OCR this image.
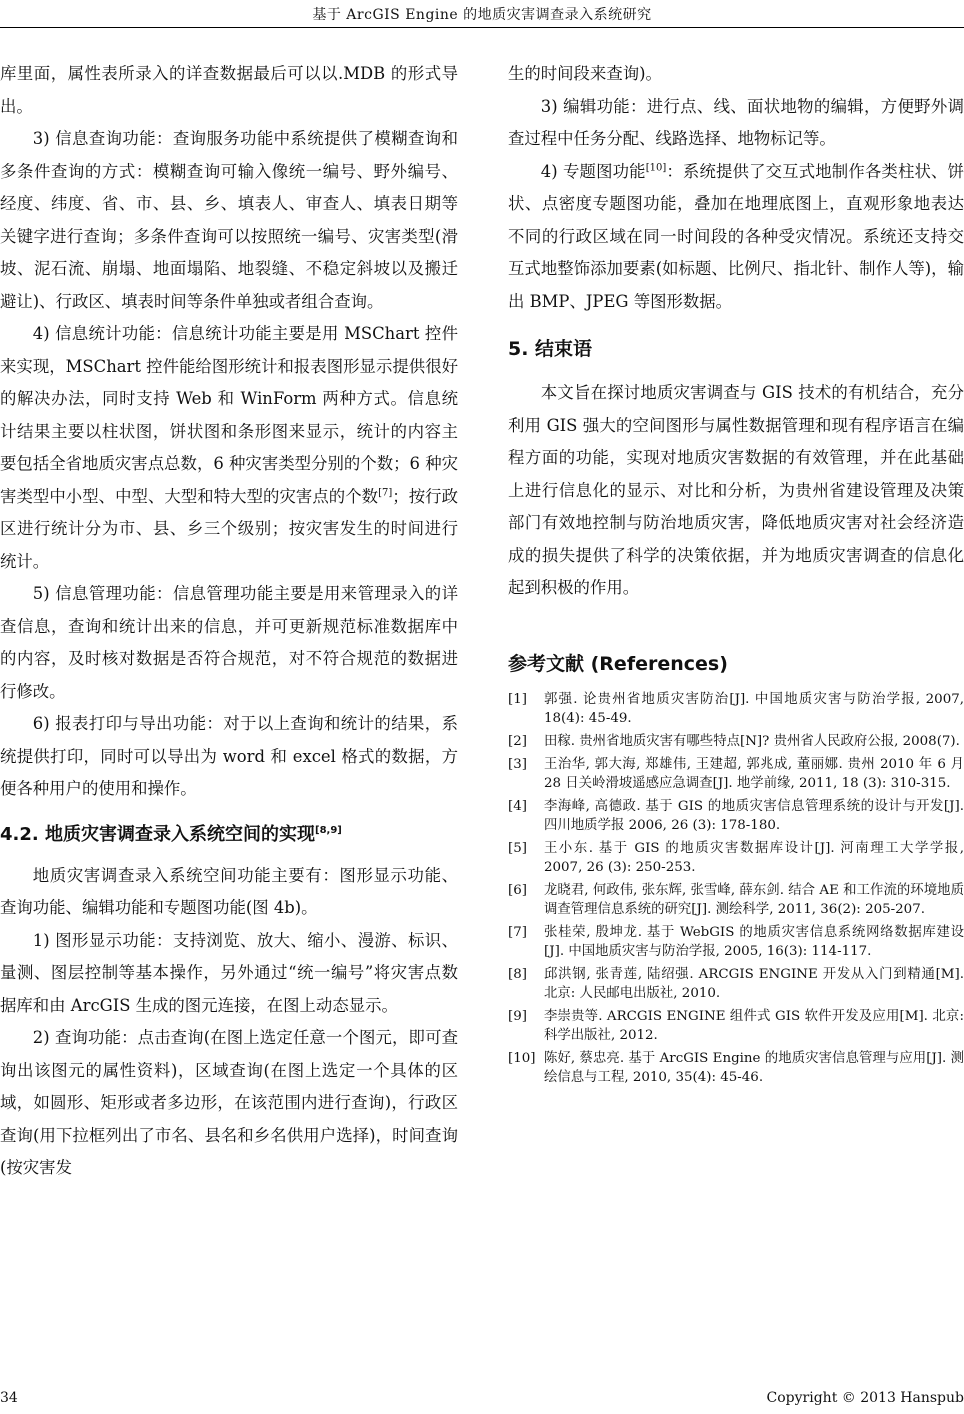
基于 ArcGIS Engine 的地质灾害调查录入系统研究

库里面，属性表所录入的详查数据最后可以以.MDB 的形式导出。

3) 信息查询功能：查询服务功能中系统提供了模糊查询和多条件查询的方式：模糊查询可输入像统一编号、野外编号、经度、纬度、省、市、县、乡、填表人、审查人、填表日期等关键字进行查询；多条件查询可以按照统一编号、灾害类型(滑坡、泥石流、崩塌、地面塌陷、地裂缝、不稳定斜坡以及搬迁避让)、行政区、填表时间等条件单独或者组合查询。

4) 信息统计功能：信息统计功能主要是用 MSChart 控件来实现，MSChart 控件能给图形统计和报表图形显示提供很好的解决办法，同时支持 Web 和 WinForm 两种方式。信息统计结果主要以柱状图，饼状图和条形图来显示，统计的内容主要包括全省地质灾害点总数，6 种灾害类型分别的个数；6 种灾害类型中小型、中型、大型和特大型的灾害点的个数[7]；按行政区进行统计分为市、县、乡三个级别；按灾害发生的时间进行统计。

5) 信息管理功能：信息管理功能主要是用来管理录入的详查信息，查询和统计出来的信息，并可更新规范标准数据库中的内容，及时核对数据是否符合规范，对不符合规范的数据进行修改。

6) 报表打印与导出功能：对于以上查询和统计的结果，系统提供打印，同时可以导出为 word 和 excel 格式的数据，方便各种用户的使用和操作。

4.2. 地质灾害调查录入系统空间的实现[8,9]

地质灾害调查录入系统空间功能主要有：图形显示功能、查询功能、编辑功能和专题图功能(图 4b)。

1) 图形显示功能：支持浏览、放大、缩小、漫游、标识、量测、图层控制等基本操作，另外通过“统一编号”将灾害点数据库和由 ArcGIS 生成的图元连接，在图上动态显示。

2) 查询功能：点击查询(在图上选定任意一个图元，即可查询出该图元的属性资料)，区域查询(在图上选定一个具体的区域，如圆形、矩形或者多边形，在该范围内进行查询)，行政区查询(用下拉框列出了市名、县名和乡名供用户选择)，时间查询(按灾害发

生的时间段来查询)。

3) 编辑功能：进行点、线、面状地物的编辑，方便野外调查过程中任务分配、线路选择、地物标记等。

4) 专题图功能[10]：系统提供了交互式地制作各类柱状、饼状、点密度专题图功能，叠加在地理底图上，直观形象地表达不同的行政区域在同一时间段的各种受灾情况。系统还支持交互式地整饰添加要素(如标题、比例尺、指北针、制作人等)，输出 BMP、JPEG 等图形数据。

5. 结束语

本文旨在探讨地质灾害调查与 GIS 技术的有机结合，充分利用 GIS 强大的空间图形与属性数据管理和现有程序语言在编程方面的功能，实现对地质灾害数据的有效管理，并在此基础上进行信息化的显示、对比和分析，为贵州省建设管理及决策部门有效地控制与防治地质灾害，降低地质灾害对社会经济造成的损失提供了科学的决策依据，并为地质灾害调查的信息化起到积极的作用。

参考文献 (References)
[1]	郭强. 论贵州省地质灾害防治[J]. 中国地质灾害与防治学报, 2007, 18(4): 45-49.
[2]	田稼. 贵州省地质灾害有哪些特点[N]? 贵州省人民政府公报, 2008(7).
[3]	王治华, 郭大海, 郑雄伟, 王建超, 郭兆成, 董丽娜. 贵州 2010 年 6 月 28 日关岭滑坡遥感应急调查[J]. 地学前缘, 2011, 18 (3): 310-315.
[4]	李海峰, 高德政. 基于 GIS 的地质灾害信息管理系统的设计与开发[J]. 四川地质学报 2006, 26 (3): 178-180.
[5]	王小东. 基于 GIS 的地质灾害数据库设计[J]. 河南理工大学学报, 2007, 26 (3): 250-253.
[6]	龙晓君, 何政伟, 张东辉, 张雪峰, 薛东剑. 结合 AE 和工作流的环境地质调查管理信息系统的研究[J]. 测绘科学, 2011, 36(2): 205-207.
[7]	张桂荣, 殷坤龙. 基于 WebGIS 的地质灾害信息系统网络数据库建设[J]. 中国地质灾害与防治学报, 2005, 16(3): 114-117.
[8]	邱洪钢, 张青莲, 陆绍强. ARCGIS ENGINE 开发从入门到精通[M]. 北京: 人民邮电出版社, 2010.
[9]	李崇贵等. ARCGIS ENGINE 组件式 GIS 软件开发及应用[M]. 北京: 科学出版社, 2012.
[10] 陈好, 蔡忠亮. 基于 ArcGIS Engine 的地质灾害信息管理与应用[J]. 测绘信息与工程, 2010, 35(4): 45-46.
34	Copyright © 2013 Hanspub
